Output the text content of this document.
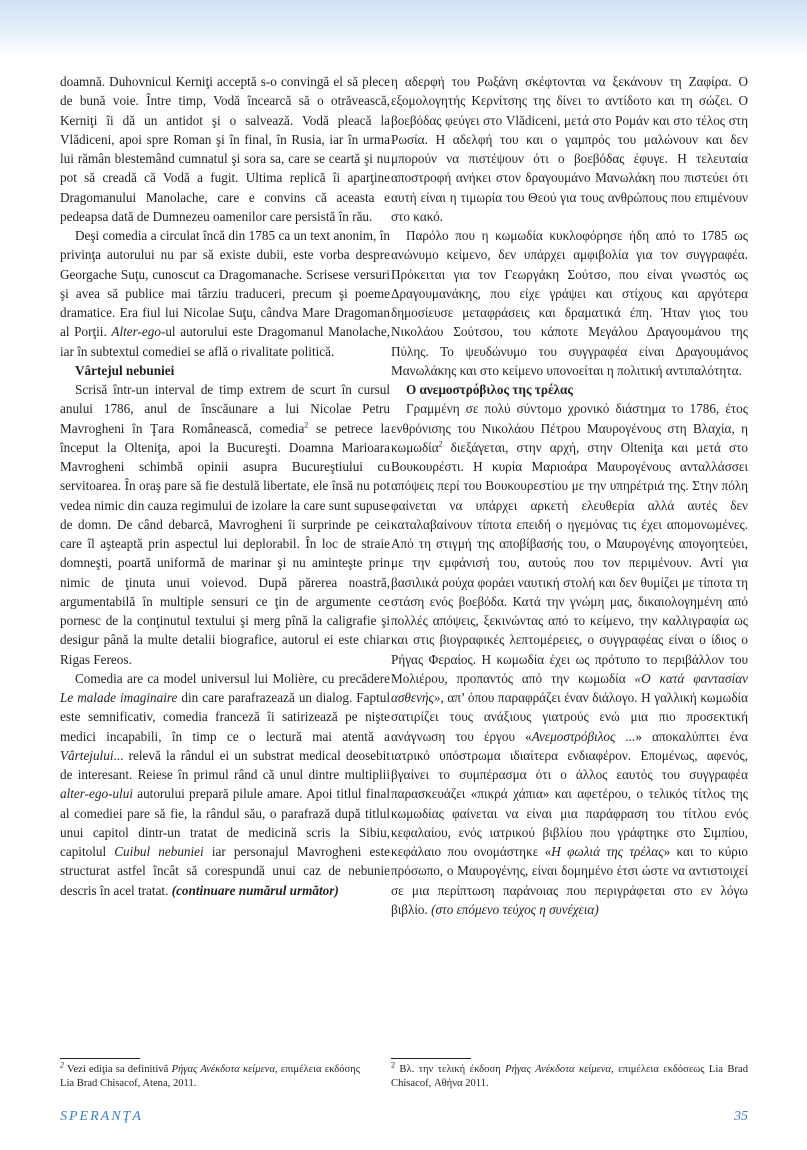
doamnă. Duhovnicul Kerniţi acceptă s-o convingă el să plece de bună voie. Între timp, Vodă încearcă să o otrăvească, Kerniţi îi dă un antidot şi o salvează. Vodă pleacă la Vlădiceni, apoi spre Roman şi în final, în Rusia, iar în urma lui rămân blestemând cumnatul şi sora sa, care se ceartă şi nu pot să creadă că Vodă a fugit. Ultima replică îi aparţine Dragomanului Manolache, care e convins că aceasta e pedeapsa dată de Dumnezeu oamenilor care persistă în rău.

Deşi comedia a circulat încă din 1785 ca un text anonim, în privinţa autorului nu par să existe dubii, este vorba despre Georgache Suţu, cunoscut ca Dragomanache. Scrisese versuri şi avea să publice mai târziu traduceri, precum şi poeme dramatice. Era fiul lui Nicolae Suţu, cândva Mare Dragoman al Porţii. Alter-ego-ul autorului este Dragomanul Manolache, iar în subtextul comediei se află o rivalitate politică.

Vârtejul nebuniei

Scrisă într-un interval de timp extrem de scurt în cursul anului 1786, anul de înscăunare a lui Nicolae Petru Mavrogheni în Ţara Românească, comedia$^2$ se petrece la început la Olteniţa, apoi la Bucureşti. Doamna Marioara Mavrogheni schimbă opinii asupra Bucureştiului cu servitoarea. În oraş pare să fie destulă libertate, ele însă nu pot vedea nimic din cauza regimului de izolare la care sunt supuse de domn. De când debarcă, Mavrogheni îi surprinde pe cei care îl aşteaptă prin aspectul lui deplorabil. În loc de straie domneşti, poartă uniformă de marinar şi nu aminteşte prin nimic de ţinuta unui voievod. După părerea noastră, argumentabilă în multiple sensuri ce ţin de argumente ce pornesc de la conţinutul textului şi merg pînă la caligrafie şi desigur până la multe detalii biografice, autorul ei este chiar Rigas Fereos.

Comedia are ca model universul lui Molière, cu precădere Le malade imaginaire din care parafrazează un dialog. Faptul este semnificativ, comedia franceză îi satirizează pe nişte medici incapabili, în timp ce o lectură mai atentă a Vârtejului... relevă la rândul ei un substrat medical deosebit de interesant. Reiese în primul rând că unul dintre multiplii alter-ego-ului autorului prepară pilule amare. Apoi titlul final al comediei pare să fie, la rândul său, o parafrază după titlul unui capitol dintr-un tratat de medicină scris la Sibiu, capitolul Cuibul nebuniei iar personajul Mavrogheni este structurat astfel încât să corespundă unui caz de nebunie descris în acel tratat. (continuare numărul următor)

η αδερφή του Ρωξάνη σκέφτονται να ξεκάνουν τη Ζαφίρα. Ο εξομολογητής Κερνίτσης της δίνει το αντίδοτο και τη σώζει. Ο βοεβόδας φεύγει στο Vlădiceni, μετά στο Ρομάν και στο τέλος στη Ρωσία. Η αδελφή του και ο γαμπρός του μαλώνουν και δεν μπορούν να πιστέψουν ότι ο βοεβόδας έφυγε. Η τελευταία αποστροφή ανήκει στον δραγουμάνο Μανωλάκη που πιστεύει ότι αυτή είναι η τιμωρία του Θεού για τους ανθρώπους που επιμένουν στο κακό.

Παρόλο που η κωμωδία κυκλοφόρησε ήδη από το 1785 ως ανώνυμο κείμενο, δεν υπάρχει αμφιβολία για τον συγγραφέα. Πρόκειται για τον Γεωργάκη Σούτσο, που είναι γνωστός ως Δραγουμανάκης, που είχε γράψει και στίχους και αργότερα δημοσίευσε μεταφράσεις και δραματικά έπη. Ήταν γιος του Νικολάου Σούτσου, του κάποτε Μεγάλου Δραγουμάνου της Πύλης. Το ψευδώνυμο του συγγραφέα είναι Δραγουμάνος Μανωλάκης και στο κείμενο υπονοείται η πολιτική αντιπαλότητα.

Ο ανεμοστρόβιλος της τρέλας

Γραμμένη σε πολύ σύντομο χρονικό διάστημα το 1786, έτος ενθρόνισης του Νικολάου Πέτρου Μαυρογένους στη Βλαχία, η κωμωδία$^2$ διεξάγεται, στην αρχή, στην Olteniţa και μετά στο Βουκουρέστι. Η κυρία Μαριοάρα Μαυρογένους ανταλλάσσει απόψεις περί του Βουκουρεστίου με την υπηρέτριά της. Στην πόλη φαίνεται να υπάρχει αρκετή ελευθερία αλλά αυτές δεν καταλαβαίνουν τίποτα επειδή ο ηγεμόνας τις έχει απομονωμένες. Από τη στιγμή της αποβίβασής του, ο Μαυρογένης απογοητεύει, με την εμφάνισή του, αυτούς που τον περιμένουν. Αντί για βασιλικά ρούχα φοράει ναυτική στολή και δεν θυμίζει με τίποτα τη στάση ενός βοεβόδα. Κατά την γνώμη μας, δικαιολογημένη από πολλές απόψεις, ξεκινώντας από το κείμενο, την καλλιγραφία ως και στις βιογραφικές λεπτομέρειες, ο συγγραφέας είναι ο ίδιος ο Ρήγας Φεραίος. Η κωμωδία έχει ως πρότυπο το περιβάλλον του Μολιέρου, προπαντός από την κωμωδία «Ο κατά φαντασίαν ασθενής», απ’ όπου παραφράζει έναν διάλογο. Η γαλλική κωμωδία σατιρίζει τους ανάξιους γιατρούς ενώ μια πιο προσεκτική ανάγνωση του έργου «Ανεμοστρόβιλος ...» αποκαλύπτει ένα ιατρικό υπόστρωμα ιδιαίτερα ενδιαφέρον. Επομένως, αφενός, βγαίνει το συμπέρασμα ότι ο άλλος εαυτός του συγγραφέα παρασκευάζει «πικρά χάπια» και αφετέρου, ο τελικός τίτλος της κωμωδίας φαίνεται να είναι μια παράφραση του τίτλου ενός κεφαλαίου, ενός ιατρικού βιβλίου που γράφτηκε στο Σιμπίου, κεφάλαιο που ονομάστηκε «Η φωλιά της τρέλας» και το κύριο πρόσωπο, ο Μαυρογένης, είναι δομημένο έτσι ώστε να αντιστοιχεί σε μια περίπτωση παράνοιας που περιγράφεται στο εν λόγω βιβλίο. (στο επόμενο τεύχος η συνέχεια)

$^2$ Vezi ediţia sa definitivă Ρήγας Ανέκδοτα κείμενα, επιμέλεια εκδόσης Lia Brad Chisacof, Atena, 2011.
$^2$ Βλ. την τελική έκδοση Ρήγας Ανέκδοτα κείμενα, επιμέλεια εκδόσεως Lia Brad Chisacof, Αθήνα 2011.
SPERANŢA	35
